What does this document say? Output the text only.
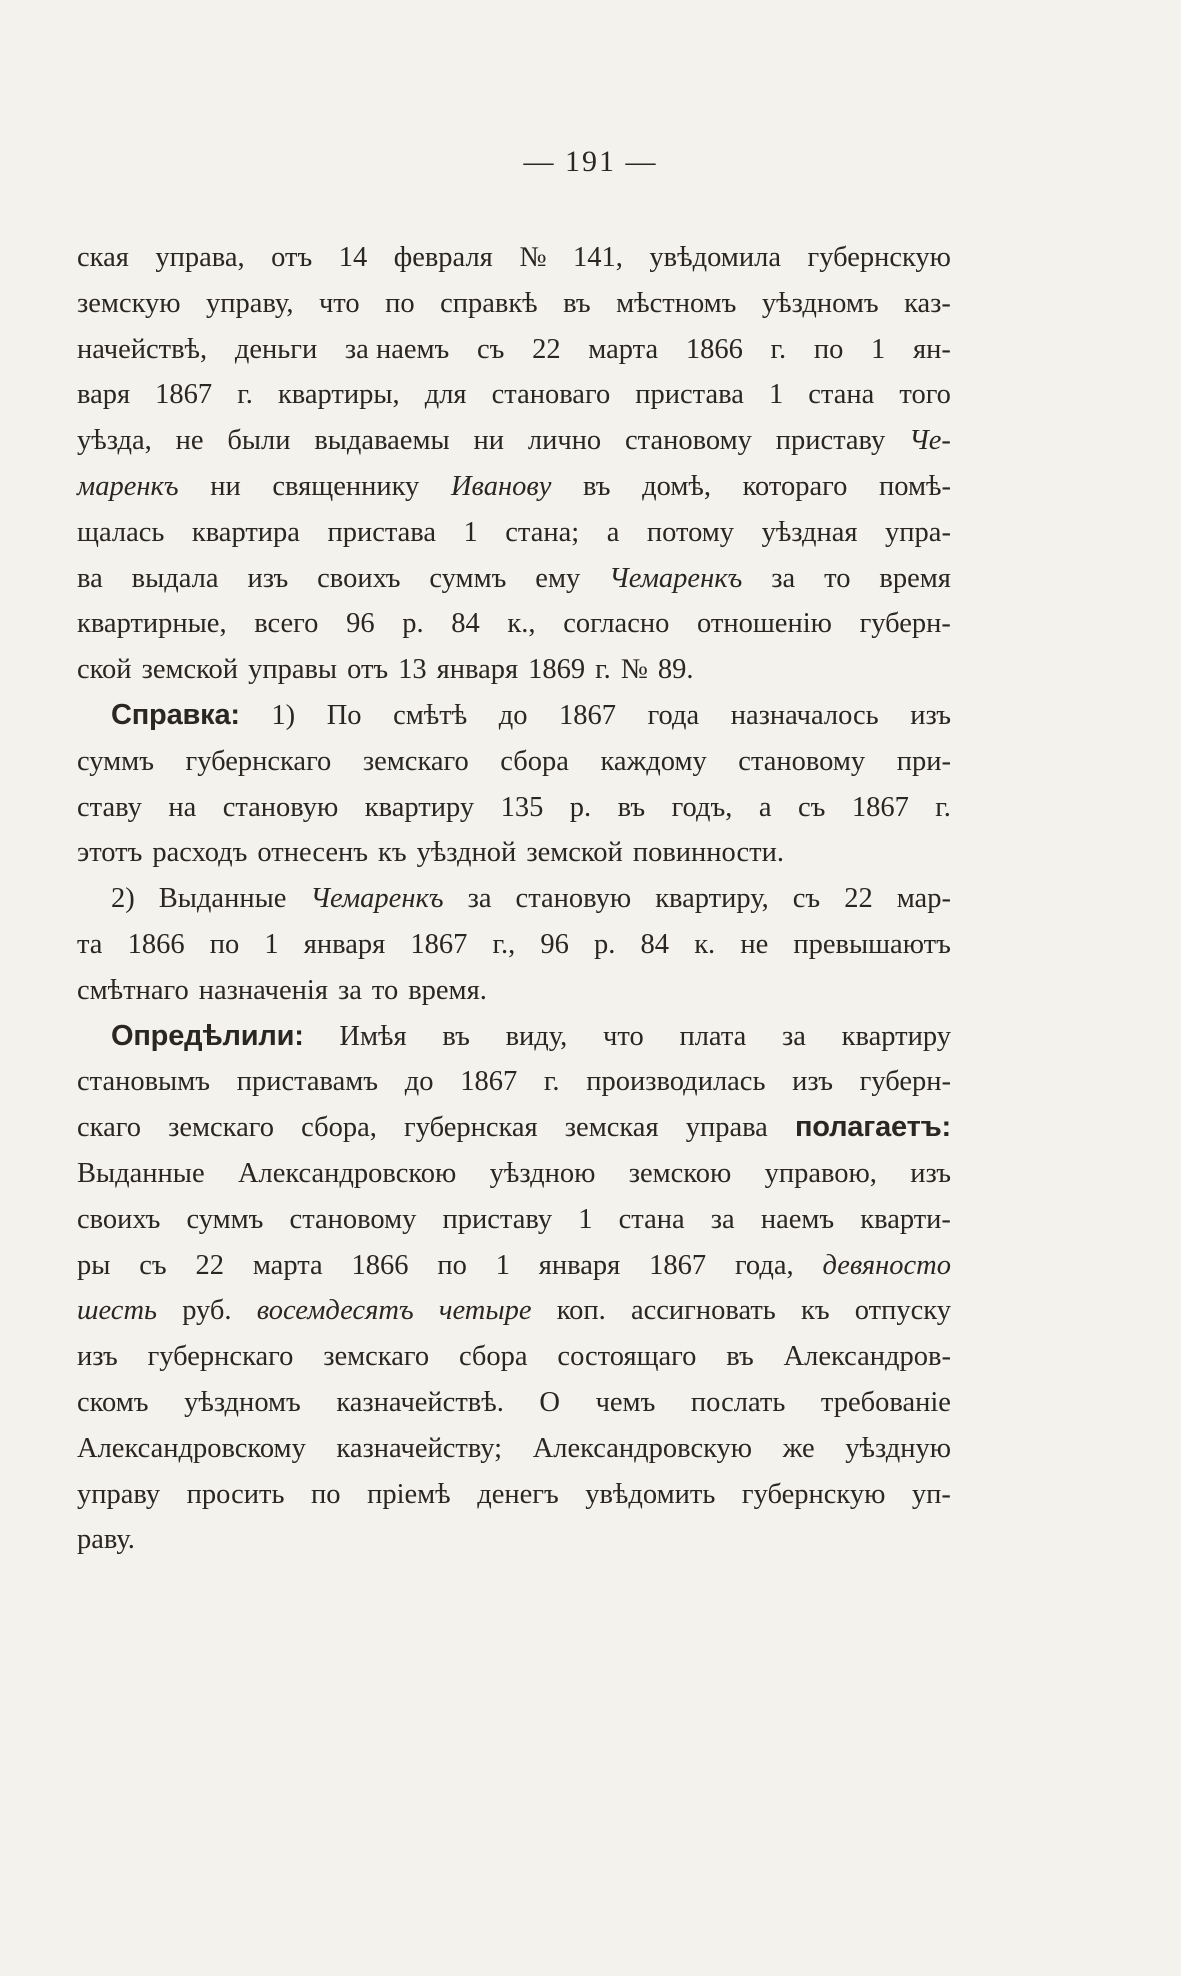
— 191 —
ская управа, отъ 14 февраля № 141, увѣдомила губернскую
земскую управу, что по справкѣ въ мѣстномъ уѣздномъ каз-
начействѣ, деньги за наемъ съ 22 марта 1866 г. по 1 ян-
варя 1867 г. квартиры, для становаго пристава 1 стана того
уѣзда, не были выдаваемы ни лично становому приставу Че-
маренкъ ни священнику Иванову въ домѣ, котораго помѣ-
щалась квартира пристава 1 стана; а потому уѣздная упра-
ва выдала изъ своихъ суммъ ему Чемаренкъ за то время
квартирные, всего 96 р. 84 к., согласно отношенію губерн-
ской земской управы отъ 13 января 1869 г. № 89.
Справка: 1) По смѣтѣ до 1867 года назначалось изъ
суммъ губернскаго земскаго сбора каждому становому при-
ставу на становую квартиру 135 р. въ годъ, а съ 1867 г.
этотъ расходъ отнесенъ къ уѣздной земской повинности.
2) Выданные Чемаренкъ за становую квартиру, съ 22 мар-
та 1866 по 1 января 1867 г., 96 р. 84 к. не превышаютъ
смѣтнаго назначенія за то время.
Опредѣлили: Имѣя въ виду, что плата за квартиру
становымъ приставамъ до 1867 г. производилась изъ губерн-
скаго земскаго сбора, губернская земская управа полагаетъ:
Выданные Александровскою уѣздною земскою управою, изъ
своихъ суммъ становому приставу 1 стана за наемъ кварти-
ры съ 22 марта 1866 по 1 января 1867 года, девяносто
шесть руб. восемдесятъ четыре коп. ассигновать къ отпуску
изъ губернскаго земскаго сбора состоящаго въ Александров-
скомъ уѣздномъ казначействѣ. О чемъ послать требованіе
Александровскому казначейству; Александровскую же уѣздную
управу просить по пріемѣ денегъ увѣдомить губернскую уп-
раву.
